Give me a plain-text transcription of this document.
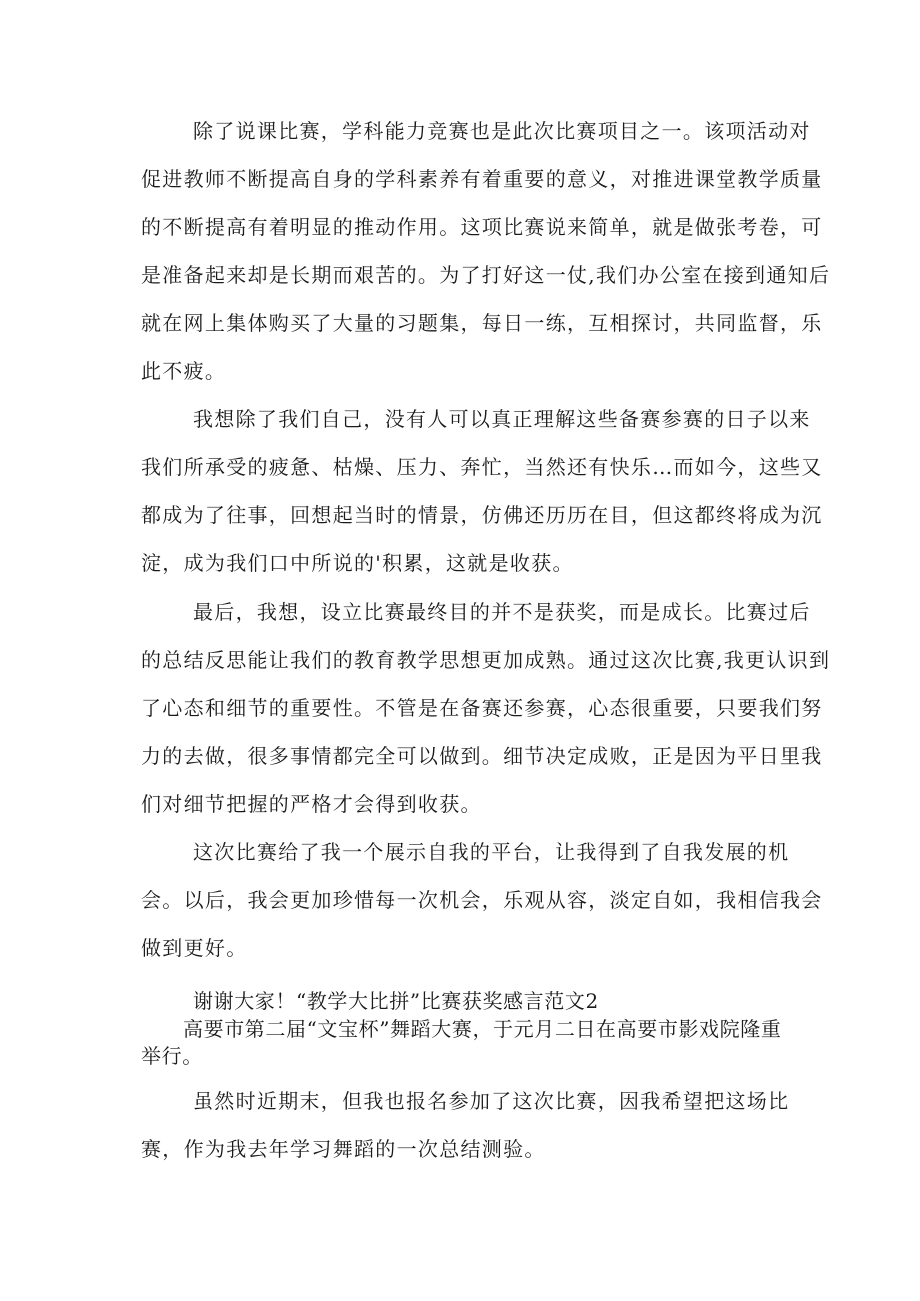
除了说课比赛，学科能力竞赛也是此次比赛项目之一。该项活动对
促进教师不断提高自身的学科素养有着重要的意义，对推进课堂教学质量
的不断提高有着明显的推动作用。这项比赛说来简单，就是做张考卷，可
是准备起来却是长期而艰苦的。为了打好这一仗,我们办公室在接到通知后
就在网上集体购买了大量的习题集，每日一练，互相探讨，共同监督，乐
此不疲。
我想除了我们自己，没有人可以真正理解这些备赛参赛的日子以来
我们所承受的疲惫、枯燥、压力、奔忙，当然还有快乐…而如今，这些又
都成为了往事，回想起当时的情景，仿佛还历历在目，但这都终将成为沉
淀，成为我们口中所说的'积累，这就是收获。
最后，我想，设立比赛最终目的并不是获奖，而是成长。比赛过后
的总结反思能让我们的教育教学思想更加成熟。通过这次比赛,我更认识到
了心态和细节的重要性。不管是在备赛还参赛，心态很重要，只要我们努
力的去做，很多事情都完全可以做到。细节决定成败，正是因为平日里我
们对细节把握的严格才会得到收获。
这次比赛给了我一个展示自我的平台，让我得到了自我发展的机
会。以后，我会更加珍惜每一次机会，乐观从容，淡定自如，我相信我会
做到更好。
谢谢大家！“教学大比拼”比赛获奖感言范文2
高要市第二届“文宝杯”舞蹈大赛，于元月二日在高要市影戏院隆重
举行。
虽然时近期末，但我也报名参加了这次比赛，因我希望把这场比
赛，作为我去年学习舞蹈的一次总结测验。
